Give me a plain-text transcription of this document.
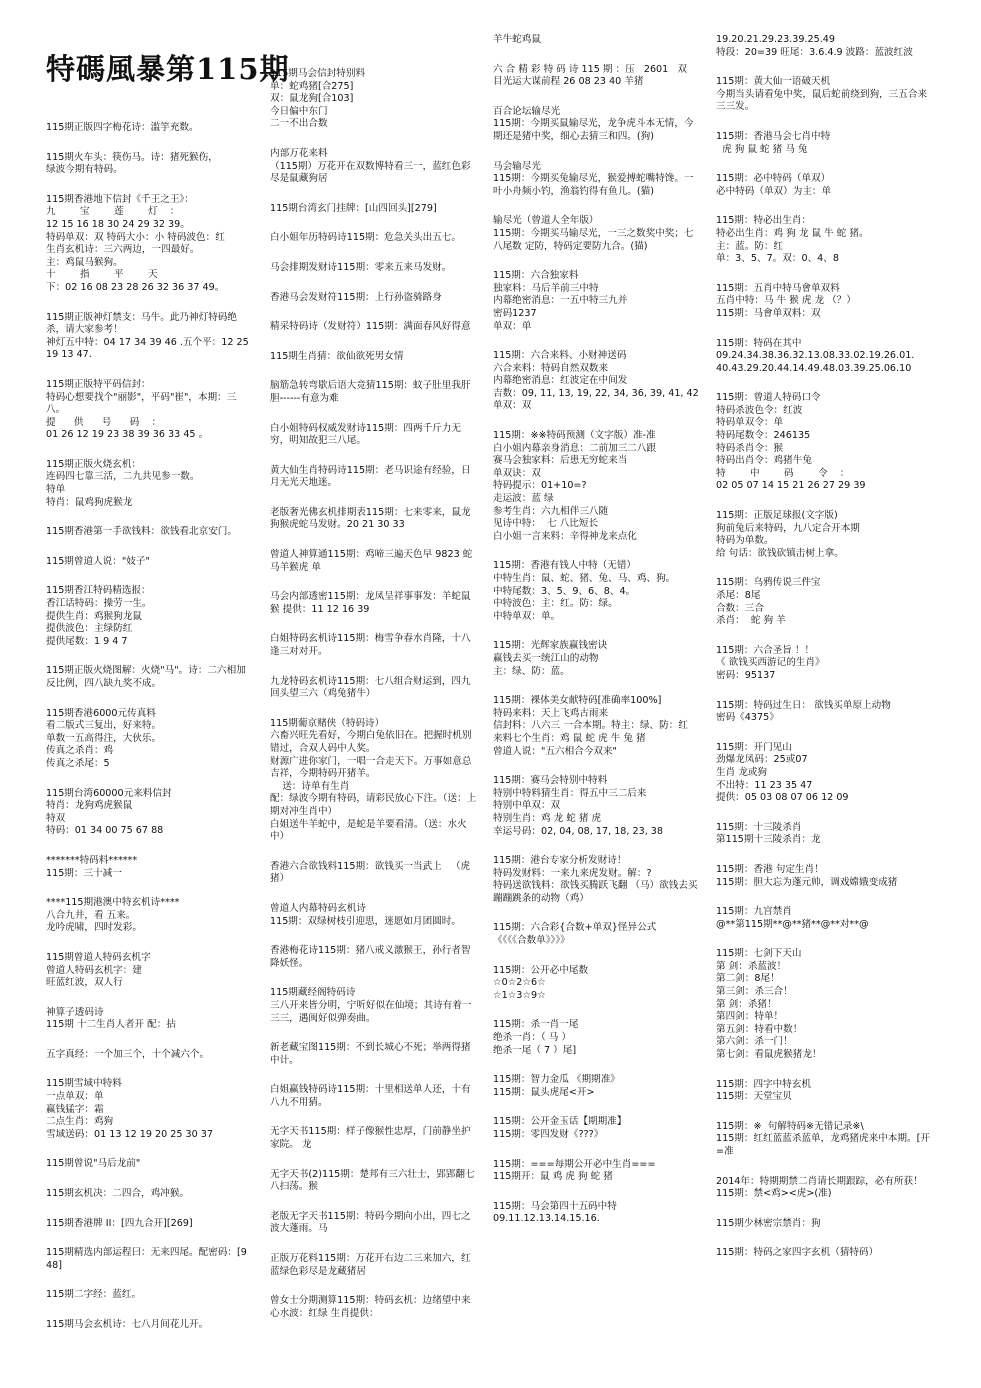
特碼風暴第115期
115期正版四字梅花诗：滥竽充数。
115期火车头：筷伤马。诗：猪死猴伤，
绿波今期有特码。
115期香港地下信封《千王之王》：
九        宝        莲        灯    ：
12 15 16 18 30 24 29 32 39。
特码单双：双 特码大小：小 特码波色：红
生肖玄机诗：三六两边，一四最好。
主：鸡鼠马猴狗。
十        指        平        天
下：02 16 08 23 28 26 32 36 37 49。
115期正版神灯禁支：马牛。此乃神灯特码绝杀，请大家参考！
神灯五中特：04 17 34 39 46 .五个平：12 25 19 13 47.
115期正版特平码信封：
特码心想要找个"丽影"，平码"崔"，本期：三八。
提      供      号      码    ：
01 26 12 19 23 38 39 36 33 45 。
115期正版火烧玄机：
连码四七靠三活，二九共见参一数。
特单
特肖：鼠鸡狗虎猴龙
115期香港第一手欲钱料：欲钱看北京安门。
115期曾道人说："妓子"
115期香江特码精选报：
香江话特码：操劳一生。
提供生肖：鸡猴狗龙鼠
提供波色：主绿防红
提供尾数：1 9 4 7
115期正版火烧图解：火烧"马"。诗：二六相加反比例，四八缺九奖不成。
115期香港6000元传真料
看二版式三复出，好来特。
单数一五高得注，大伙乐。
传真之杀肖：鸡
传真之杀尾：5
115期台湾60000元来料信封
特肖：龙狗鸡虎猴鼠
特双
特码：01 34 00 75 67 88
*******特码料******
115期：三十减一
****115期港澳中特玄机诗****
八合九井，看 五来。
龙吟虎啸，四时发彩。
115期曾道人特码玄机字
曾道人特码玄机字：建
旺蓝红波，双人行
神算子透码诗
115期 十二生肖人者开 配：拈
五字真经：一个加三个，十个减六个。
115期雪域中特料
一点单双：单
赢钱猛字：霜
二点生肖：鸡狗
雪域送码：01 13 12 19 20 25 30 37
115期曾说"马后龙前"
115期玄机决：二四合，鸡冲猴。
115期香港牌 II：[四九合开][269]
115期精选内部运程曰：无来四尾。配密码：[948]
115期二字经：蓝红。
115期马会玄机诗：七八月间花儿开。
115期马会信封特别料
单：蛇鸡猪[合275]
双：鼠龙狗[合103]
今日偏中东门
二一不出合数
内部万花来料
（115期）万花开在双数博特看三一，蓝红色彩尽是鼠藏狗居
115期台湾玄门挂牌：[山四回头][279]
白小姐年历特码诗115期：危急关头出五七。
马会排期发财诗115期：零来五来马发财。
香港马会发财符115期：上行孙盗骑路身
精采特码诗（发财符）115期：满面春风好得意
115期生肖猜：欲仙欲死男女情
脑筋急转弯歇后语大竞猜115期：蚊子肚里我肝胆------有意为难
白小姐特码权威发财诗115期：四两千斤力无穷，明知故犯三八尾。
黄大仙生肖特码诗115期：老马识途有经验，日月无光天地迷。
老版奢光佛玄机排期表115期：七来零来，鼠龙狗猴虎蛇马发财。20 21 30 33
曾道人神算通115期：鸡啼三遍天色早 9823 蛇马羊猴虎 单
马会内部透密115期：龙凤呈祥事事发：羊蛇鼠猴 提供：11 12 16 39
白姐特码玄机诗115期：梅雪争春水肖隆，十八逢三对对开。
九龙特码玄机诗115期：七八组合财运到，四九回头望三六（鸡兔猪牛）
115期葡京赌侠（特码诗）
六畜兴旺先看好，今期白兔依旧在。把握时机别错过，合双人码中人奖。
财源广进你家门，一唱一合走天下。万事如意总吉祥，今期特码开猪羊。
送：诗单有生肖
配：绿波今期有特码，请彩民放心下注。（送：上期对冲生肖中）
白姐送牛羊蛇中，是蛇是羊要看清。（送：水火中）
香港六合欲钱料115期：欲钱买一当武上   （虎猪）
曾道人内幕特码玄机诗
115期：双绿树枝引迎思，迷愿如月团圆时。
香港梅花诗115期：猪八戒义激猴王，孙行者智降妖怪。
115期藏经阁特码诗
三八开来皆分明，宁听好似在仙境；其诗有着一三三，遇闽好似弹奏曲。
新老藏宝图115期：不到长城心不死；举两得猪中计。
白姐赢钱特码诗115期：十里相送单人还，十有八九不用猜。
无字天书115期：样子像猴性忠厚，门前静坐护家院。 龙
无字天书(2)115期：楚邦有三六壮士，郢郢翻七八扫荡。猴
老版无字天书115期：特码今期向小出，四七之波大蓬雨。马
正版万花料115期：万花开右边二三来加六，红蓝绿色彩尽是龙藏猪居
曾女士分期测算115期：特码玄机：边绪望中来 心水波：红绿 生肖提供：
羊牛蛇鸡鼠
六 合 精 彩 特 码 诗 115 期 ：压   2601   双   目光运大谋前程 26 08 23 40 羊猪
百合论坛输尽光
115期：今期买鼠输尽光，龙争虎斗本无情，今期还是猪中奖，细心去猜三和四。(狗)
马会输尽光
115期：今期买兔输尽光，猴爱搏蛇嘴特馋。一叶小舟频小钓，渔翁钓得有鱼儿。(猫)
输尽光（曾道人全年版）
115期：今期买马输尽光，一三之数奖中奖；七八尾数 定防，特码定要防九合。(猫)
115期：六合独家料
独家料：马后羊前三中特
内幕绝密消息：一五中特三九并
密码1237
单双：单
115期：六合来料、小财神送码
六合来料：特码自然双数来
内幕绝密消息：红波定在中间发
吉数：09, 11, 13, 19, 22, 34, 36, 39, 41, 42
单双：双
115期：※※特码预测（文字版）准-准
白小姐内幕亲身消息：二前加三二八跟
赛马会独家料：后患无穷蛇来当
单双诀：双
特码提示：01+10=?
走运波：蓝 绿
参考生肖：六九相伴三八随
见诗中特：  七 八比短长
白小姐一言来料：辛得神龙来点化
115期：香港有钱人中特（无错）
中特生肖：鼠、蛇、猪、兔、马、鸡、狗。
中特尾数：3、5、9、6、8、4。
中特波色：主：红。防：绿。
中特单双：单。
115期：光辉家族赢钱密诀
赢钱去买一统江山的动物
主：绿、防：蓝。
115期：裸体美女献特码[准确率100%]
特码来料：天上飞鸡古雨来
信封料：八六三 一合本期。特主：绿、防：红
来料七个生肖：鸡 鼠 蛇 虎 牛 兔 猪
曾道人说："五六相合今双来"
115期：赛马会特别中特料
特别中特料猜生肖：得五中三二后来
特别中单双：双
特别生肖：鸡 龙 蛇 猪 虎
幸运号码：02, 04, 08, 17, 18, 23, 38
115期：港台专家分析发财诗！
特码发财料：一来九来虎发财。解：?
特码送欲钱料：欲钱买腾跃飞翻 （马）欲钱去买蹦蹦跳条的动物（鸡）
115期：六合彩{合数+单双}怪异公式
《《《《合数单》》》》
115期：公开必中尾数
☆0☆2☆6☆
☆1☆3☆9☆
115期：杀一肖一尾
绝杀一肖：（ 马 ）
绝杀一尾（ 7 ）尾]
115期：智力金瓜 《期期准》
115期：鼠头虎尾<开>
115期：公开金玉话【期期准】
115期：零四发财《???》
115期：===每期公开必中生肖===
115期开：鼠 鸡 虎 狗 蛇 猪
115期：马会第四十五码中特
09.11.12.13.14.15.16.
19.20.21.29.23.39.25.49
特段：20=39 旺尾：3.6.4.9 波路：蓝波红波
115期：黄大仙一语破天机
今期当头请看兔中奖，鼠后蛇前绕到狗，三五合来三三发。
115期：香港马会七肖中特
虎 狗 鼠 蛇 猪 马 兔
115期：必中特码（单双）
必中特码（单双）为主：单
115期：特必出生肖：
特必出生肖：鸡 狗 龙 鼠 牛 蛇 猪。
主：蓝。防：红
单：3、5、7。双：0、4、8
115期：五肖中特马會单双料
五肖中特：马 牛 猴 虎 龙 （？）
115期：马會单双料：双
115期：特码在其中
09.24.34.38.36.32.13.08.33.02.19.26.01.
40.43.29.20.44.14.49.48.03.39.25.06.10
115期：曾道人特码口令
特码杀波色令：红波
特码单双令：单
特码尾数令：246135
特码杀肖令：猴
特码出肖令：鸡猪牛兔
特        中        码        令    ：
02 05 07 14 15 21 26 27 29 39
115期：正版足球报(文字版)
狗前兔后来特码，九八定合开本期
特码为单数。
给 句话：欲钱砍镇击树上拿。
115期：乌鸦传说三件宝
杀尾：8尾
合数：三合
杀肖：  蛇 狗 羊
115期：六合圣旨 ！！
《 欲钱买西游记的生肖》
密码：95137
115期：特码过生日： 欲钱买单原上动物
密码《4375》
115期：开门见山
劲爆龙凤码：25或07
生肖 龙或狗
不出特：11 23 35 47
提供：05 03 08 07 06 12 09
115期：十三陵杀肖
第115期十三陵杀肖：龙
115期：香港 句定生肖！
115期：胆大忘为蓬元帅，调戏嫦娥变成猪
115期：九宫禁肖
@**第115期**@**猪**@**对**@
115期：七剑下天山
第 剑：杀蓝波！
第二剑：8尾！
第三剑：杀三合！
第 剑：杀猪！
第四剑：特单！
第五剑：特看中数！
第六剑：杀一门！
第七剑：看鼠虎猴猪龙！
115期：四字中特玄机
115期：天堂宝贝
115期：※  句解特码※无错记录※\
115期：红红蓝蓝杀蓝单，龙鸡猪虎来中本期。[开=准
2014年：特期期禁二肖请长期跟踪，必有所获！
115期：禁<鸡><虎>(准)
115期少林密宗禁肖：狗
115期：特码之家四字玄机（猜特码）
